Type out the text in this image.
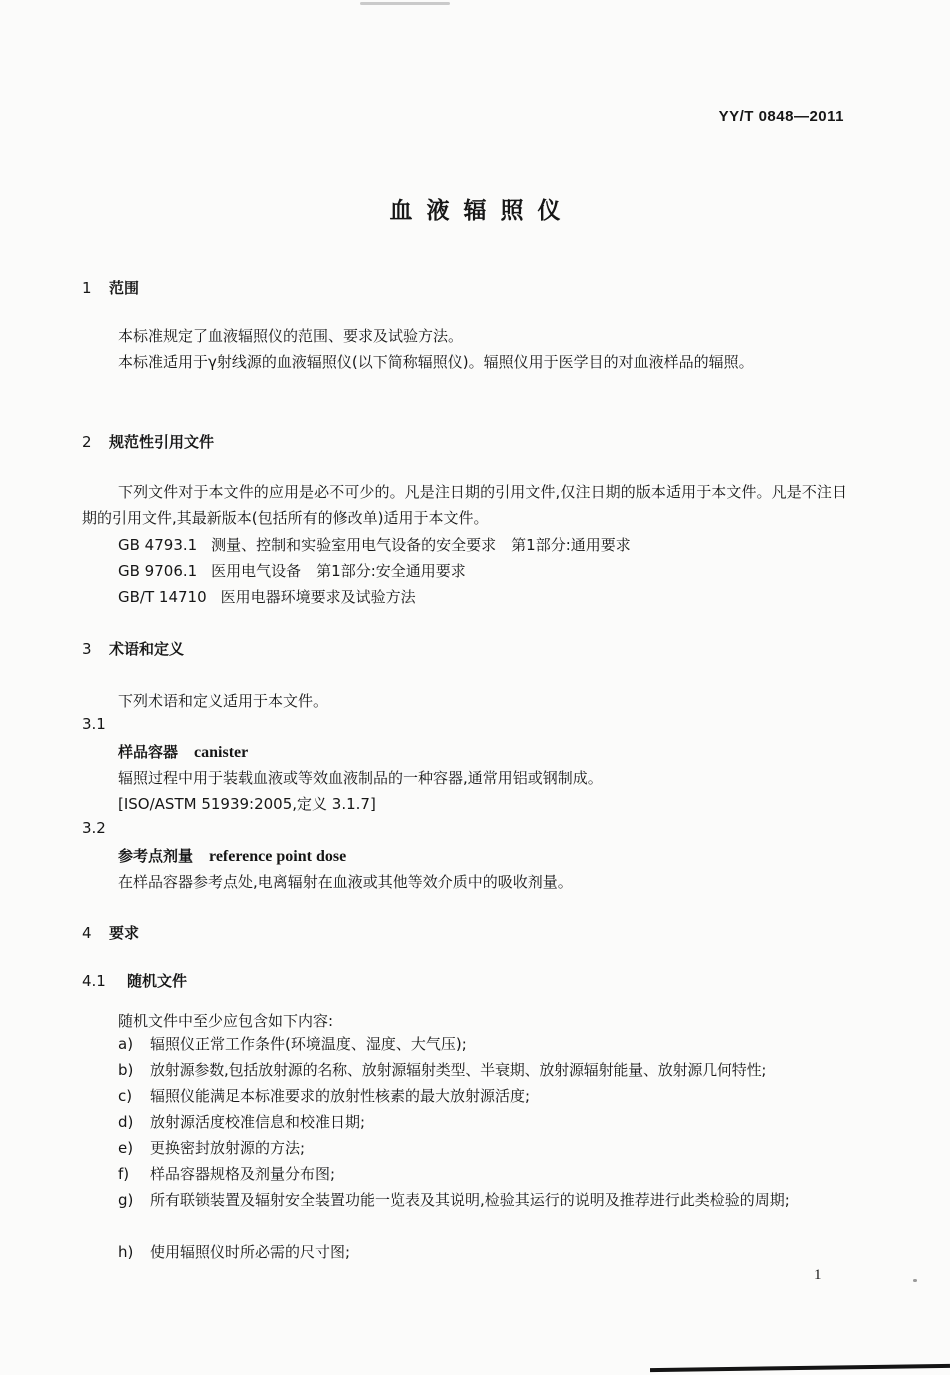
YY/T 0848—2011
血液辐照仪
1 范围
本标准规定了血液辐照仪的范围、要求及试验方法。
本标准适用于γ射线源的血液辐照仪(以下简称辐照仪)。辐照仪用于医学目的对血液样品的辐照。
2 规范性引用文件
下列文件对于本文件的应用是必不可少的。凡是注日期的引用文件,仅注日期的版本适用于本文件。凡是不注日期的引用文件,其最新版本(包括所有的修改单)适用于本文件。
GB 4793.1 测量、控制和实验室用电气设备的安全要求　第1部分:通用要求
GB 9706.1 医用电气设备　第1部分:安全通用要求
GB/T 14710 医用电器环境要求及试验方法
3 术语和定义
下列术语和定义适用于本文件。
3.1
样品容器 canister
辐照过程中用于装载血液或等效血液制品的一种容器,通常用铝或钢制成。
[ISO/ASTM 51939:2005,定义 3.1.7]
3.2
参考点剂量 reference point dose
在样品容器参考点处,电离辐射在血液或其他等效介质中的吸收剂量。
4 要求
4.1 随机文件
随机文件中至少应包含如下内容:
a) 辐照仪正常工作条件(环境温度、湿度、大气压);
b) 放射源参数,包括放射源的名称、放射源辐射类型、半衰期、放射源辐射能量、放射源几何特性;
c) 辐照仪能满足本标准要求的放射性核素的最大放射源活度;
d) 放射源活度校准信息和校准日期;
e) 更换密封放射源的方法;
f) 样品容器规格及剂量分布图;
g) 所有联锁装置及辐射安全装置功能一览表及其说明,检验其运行的说明及推荐进行此类检验的周期;
h) 使用辐照仪时所必需的尺寸图;
1
